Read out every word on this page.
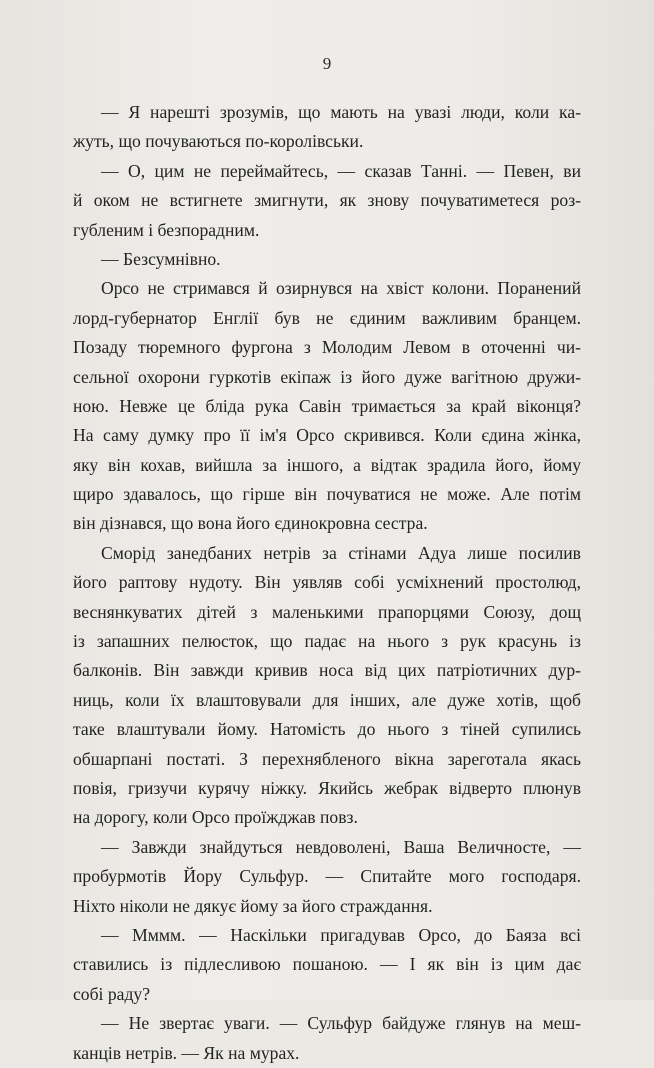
9
— Я нарешті зрозумів, що мають на увазі люди, коли ка-
жуть, що почуваються по-королівськи.
— О, цим не переймайтесь, — сказав Танні. — Певен, ви
й оком не встигнете змигнути, як знову почуватиметеся роз-
губленим і безпорадним.
— Безсумнівно.
Орсо не стримався й озирнувся на хвіст колони. Поранений
лорд-губернатор Енглії був не єдиним важливим бранцем.
Позаду тюремного фургона з Молодим Левом в оточенні чи-
сельної охорони гуркотів екіпаж із його дуже вагітною дружи-
ною. Невже це бліда рука Савін тримається за край віконця?
На саму думку про її ім'я Орсо скривився. Коли єдина жінка,
яку він кохав, вийшла за іншого, а відтак зрадила його, йому
щиро здавалось, що гірше він почуватися не може. Але потім
він дізнався, що вона його єдинокровна сестра.
Сморід занедбаних нетрів за стінами Адуа лише посилив
його раптову нудоту. Він уявляв собі усміхнений простолюд,
веснянкуватих дітей з маленькими прапорцями Союзу, дощ
із запашних пелюсток, що падає на нього з рук красунь із
балконів. Він завжди кривив носа від цих патріотичних дур-
ниць, коли їх влаштовували для інших, але дуже хотів, щоб
таке влаштували йому. Натомість до нього з тіней супились
обшарпані постаті. З перехнябленого вікна зареготала якась
повія, гризучи курячу ніжку. Якийсь жебрак відверто плюнув
на дорогу, коли Орсо проїжджав повз.
— Завжди знайдуться невдоволені, Ваша Величносте, —
пробурмотів Йору Сульфур. — Спитайте мого господаря.
Ніхто ніколи не дякує йому за його страждання.
— Мммм. — Наскільки пригадував Орсо, до Баяза всі
ставились із підлесливою пошаною. — І як він із цим дає
собі раду?
— Не звертає уваги. — Сульфур байдуже глянув на меш-
канців нетрів. — Як на мурах.
